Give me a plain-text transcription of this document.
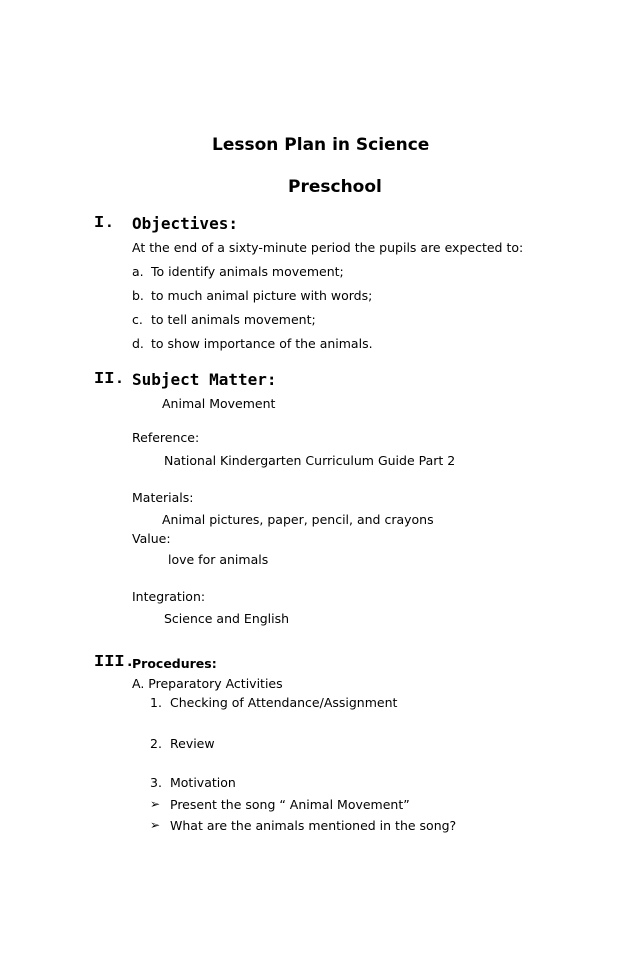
Lesson Plan in Science
Preschool
I. Objectives:
At the end of a sixty-minute period the pupils are expected to:
a. To identify animals movement;
b. to much animal picture with words;
c. to tell animals movement;
d. to show importance of the animals.
II. Subject Matter:
Animal Movement
Reference:
National Kindergarten Curriculum Guide Part 2
Materials:
Animal pictures, paper, pencil, and crayons
Value:
love for animals
Integration:
Science and English
III.
Procedures:
A. Preparatory Activities
1. Checking of Attendance/Assignment
2. Review
3. Motivation
➢ Present the song “ Animal Movement”
➢ What are the animals mentioned in the song?
